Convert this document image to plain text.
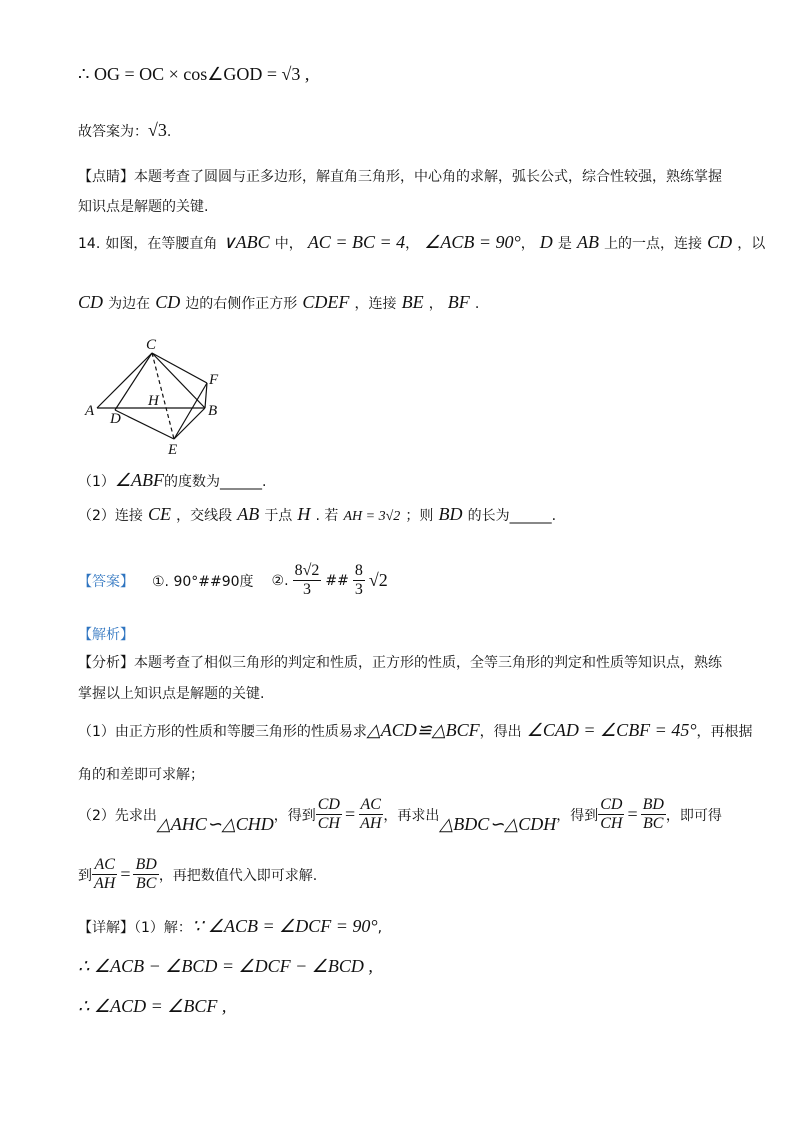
∴ OG = OC × cos∠GOD = √3 ,
故答案为：√3.
【点睛】本题考查了圆圆与正多边形，解直角三角形，中心角的求解，弧长公式，综合性较强，熟练掌握
知识点是解题的关键.
14. 如图，在等腰直角 ∨ABC 中， AC = BC = 4， ∠ACB = 90°， D 是 AB 上的一点，连接 CD ，以
CD 为边在 CD 边的右侧作正方形 CDEF ，连接 BE ， BF .
C
F
A D
H
B
E
（1）∠ABF的度数为______.
（2）连接 CE ，交线段 AB 于点 H . 若 AH = 3√2 ；则 BD 的长为______.
【答案】 ①. 90°##90度 ②. $\frac{8√2}{3}$ ## $\frac{8}{3} √2$
【解析】
【分析】本题考查了相似三角形的判定和性质，正方形的性质，全等三角形的判定和性质等知识点，熟练
掌握以上知识点是解题的关键.
（1）由正方形的性质和等腰三角形的性质易求△ACD≌△BCF，得出 ∠CAD = ∠CBF = 45°，再根据
角的和差即可求解；
（2）先求出 △AHC∽△CHD ，得到 $\frac{CD}{CH} = \frac{AC}{AH}$ ，再求出 △BDC∽△CDH ，得到 $\frac{CD}{CH} = \frac{BD}{BC}$ ，即可得
到 $\frac{AC}{AH} = \frac{BD}{BC}$ ，再把数值代入即可求解.
【详解】（1）解：∵ ∠ACB = ∠DCF = 90°,
∴ ∠ACB − ∠BCD = ∠DCF − ∠BCD ,
∴ ∠ACD = ∠BCF ,
